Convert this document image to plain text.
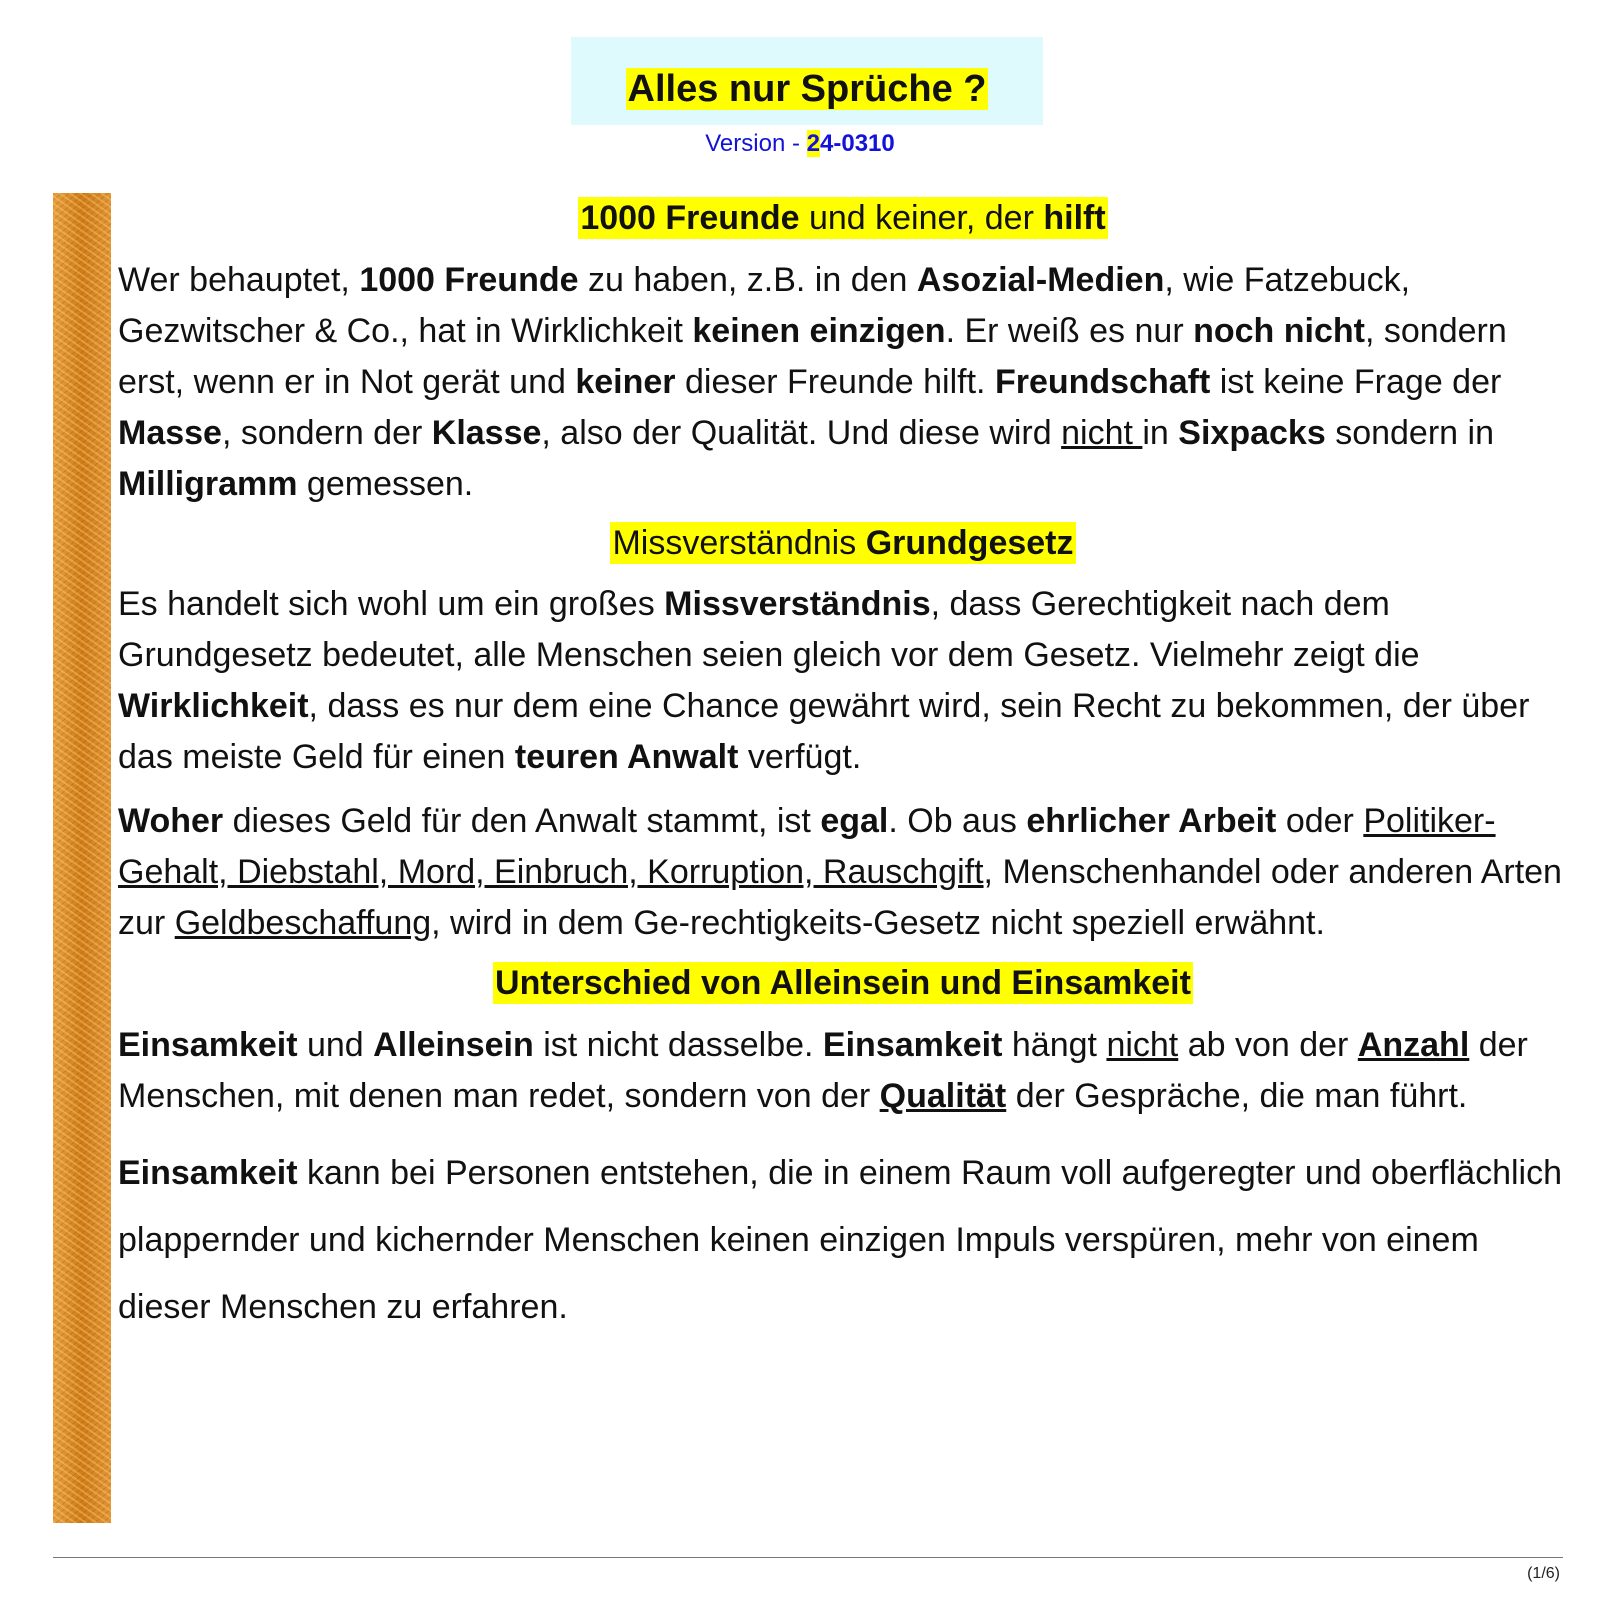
Alles nur Sprüche ?
Version - 24-0310
1000 Freunde und keiner, der hilft

Wer behauptet, 1000 Freunde zu haben, z.B. in den Asozial-Medien, wie Fatzebuck, Gezwitscher & Co., hat in Wirklichkeit keinen einzigen. Er weiß es nur noch nicht, sondern erst, wenn er in Not gerät und keiner dieser Freunde hilft. Freundschaft ist keine Frage der Masse, sondern der Klasse, also der Qualität. Und diese wird nicht in Sixpacks sondern in Milligramm gemessen.

Missverständnis Grundgesetz

Es handelt sich wohl um ein großes Missverständnis, dass Gerechtigkeit nach dem Grundgesetz bedeutet, alle Menschen seien gleich vor dem Gesetz. Vielmehr zeigt die Wirklichkeit, dass es nur dem eine Chance gewährt wird, sein Recht zu bekommen, der über das meiste Geld für einen teuren Anwalt verfügt.

Woher dieses Geld für den Anwalt stammt, ist egal. Ob aus ehrlicher Arbeit oder Politiker-Gehalt, Diebstahl, Mord, Einbruch, Korruption, Rauschgift, Menschenhandel oder anderen Arten zur Geldbeschaffung, wird in dem Ge-rechtigkeits-Gesetz nicht speziell erwähnt.

Unterschied von Alleinsein und Einsamkeit

Einsamkeit und Alleinsein ist nicht dasselbe. Einsamkeit hängt nicht ab von der Anzahl der Menschen, mit denen man redet, sondern von der Qualität der Gespräche, die man führt.

Einsamkeit kann bei Personen entstehen, die in einem Raum voll aufgeregter und oberflächlich plappernder und kichernder Menschen keinen einzigen Impuls verspüren, mehr von einem dieser Menschen zu erfahren.

(1/6)
